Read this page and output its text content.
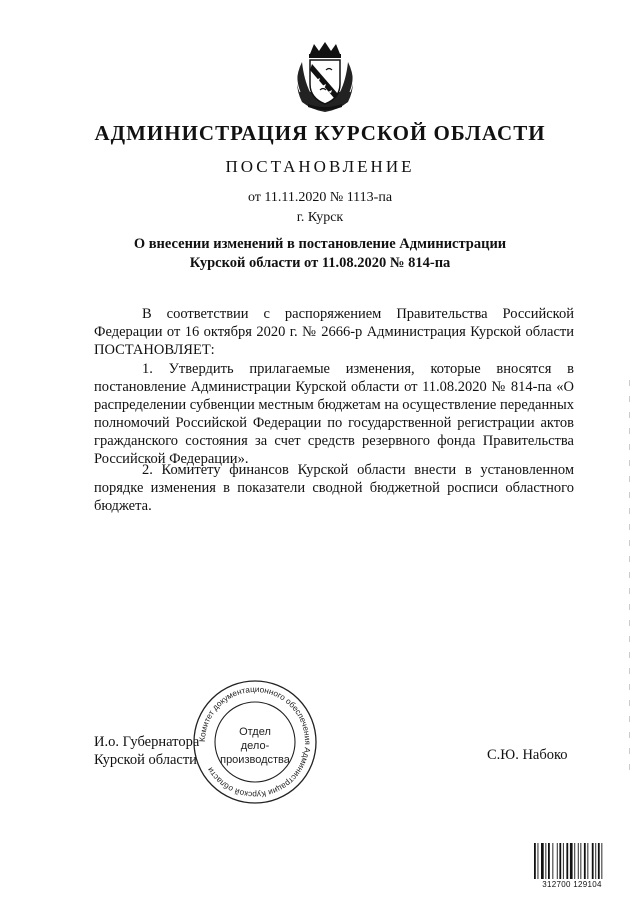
АДМИНИСТРАЦИЯ КУРСКОЙ ОБЛАСТИ
ПОСТАНОВЛЕНИЕ
от 11.11.2020 № 1113-па
г. Курск
О внесении изменений в постановление Администрации
Курской области от 11.08.2020 № 814-па

В соответствии с распоряжением Правительства Российской Федерации от 16 октября 2020 г. № 2666-р Администрация Курской области ПОСТАНОВЛЯЕТ:

1. Утвердить прилагаемые изменения, которые вносятся в постановление Администрации Курской области от 11.08.2020 № 814-па «О распределении субвенции местным бюджетам на осуществление переданных полномочий Российской Федерации по государственной регистрации актов гражданского состояния за счет средств резервного фонда Правительства Российской Федерации».

2. Комитету финансов Курской области внести в установленном порядке изменения в показатели сводной бюджетной росписи областного бюджета.

И.о. Губернатора
Курской области	С.Ю. Набоко
Комитет документационного обеспечения Администрации Курской области
Отдел
дело-
производства
312700 129104
